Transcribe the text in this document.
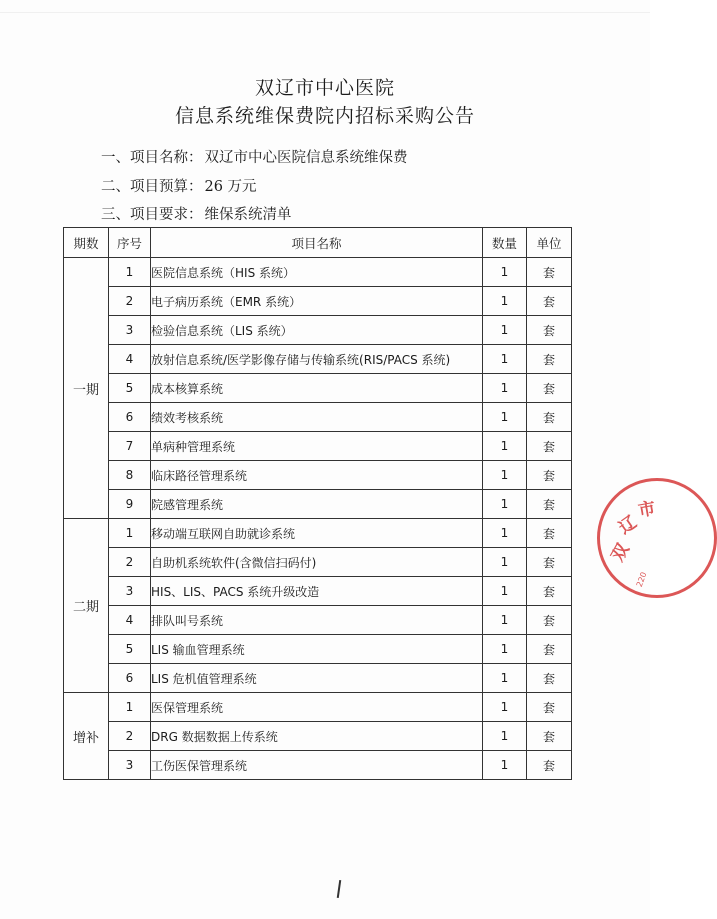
双辽市中心医院
信息系统维保费院内招标采购公告
一、项目名称： 双辽市中心医院信息系统维保费
二、项目预算： 26 万元
三、项目要求： 维保系统清单
期数	序号	项目名称	数量	单位
一期	1	医院信息系统（HIS 系统）	1	套
	2	电子病历系统（EMR 系统）	1	套
	3	检验信息系统（LIS 系统）	1	套
	4	放射信息系统/医学影像存储与传输系统(RIS/PACS 系统)	1	套
	5	成本核算系统	1	套
	6	绩效考核系统	1	套
	7	单病种管理系统	1	套
	8	临床路径管理系统	1	套
	9	院感管理系统	1	套
二期	1	移动端互联网自助就诊系统	1	套
	2	自助机系统软件(含微信扫码付)	1	套
	3	HIS、LIS、PACS 系统升级改造	1	套
	4	排队叫号系统	1	套
	5	LIS 输血管理系统	1	套
	6	LIS 危机值管理系统	1	套
增补	1	医保管理系统	1	套
	2	DRG 数据数据上传系统	1	套
	3	工伤医保管理系统	1	套
双
辽
市
220
